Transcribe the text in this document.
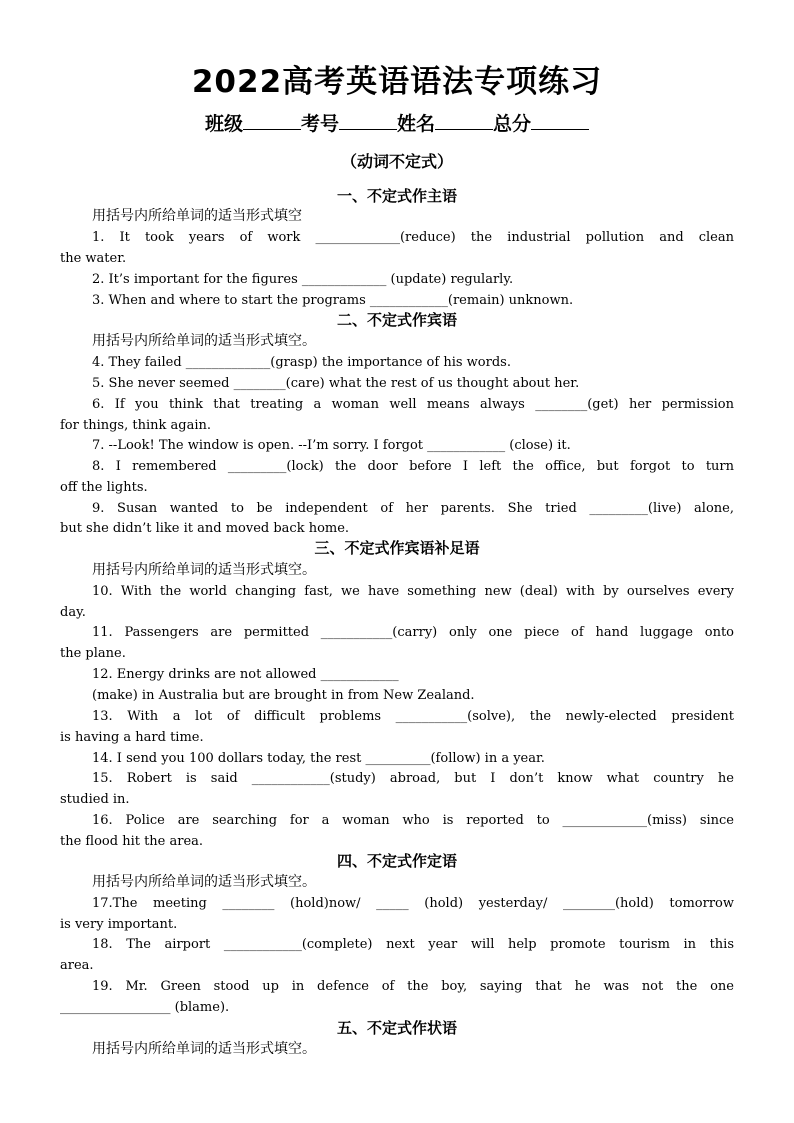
2022高考英语语法专项练习
班级	考号	姓名	总分
（动词不定式）
一、不定式作主语
用括号内所给单词的适当形式填空
1. It took years of work _____________(reduce) the industrial pollution and clean
the water.
2. It’s important for the figures _____________ (update) regularly.
3. When and where to start the programs ____________(remain) unknown.
二、不定式作宾语
用括号内所给单词的适当形式填空。
4. They failed _____________(grasp) the importance of his words.
5. She never seemed ________(care) what the rest of us thought about her.
6. If you think that treating a woman well means always ________(get) her permission
for things, think again.
7. --Look! The window is open. --I’m sorry. I forgot ____________ (close) it.
8. I remembered _________(lock) the door before I left the office, but forgot to turn
off the lights.
9. Susan wanted to be independent of her parents. She tried _________(live) alone,
but she didn’t like it and moved back home.
三、不定式作宾语补足语
用括号内所给单词的适当形式填空。
10. With the world changing fast, we have something new (deal) with by ourselves every
day.
11. Passengers are permitted ___________(carry) only one piece of hand luggage onto
the plane.
12. Energy drinks are not allowed ____________
(make) in Australia but are brought in from New Zealand.
13. With a lot of difficult problems ___________(solve), the newly-elected president
is having a hard time.
14. I send you 100 dollars today, the rest __________(follow) in a year.
15. Robert is said ____________(study) abroad, but I don’t know what country he
studied in.
16. Police are searching for a woman who is reported to _____________(miss) since
the flood hit the area.
四、不定式作定语
用括号内所给单词的适当形式填空。
17.The meeting ________ (hold)now/ _____ (hold) yesterday/ ________(hold) tomorrow
is very important.
18. The airport ____________(complete) next year will help promote tourism in this
area.
19. Mr. Green stood up in defence of the boy, saying that he was not the one
_________________ (blame).
五、不定式作状语
用括号内所给单词的适当形式填空。
